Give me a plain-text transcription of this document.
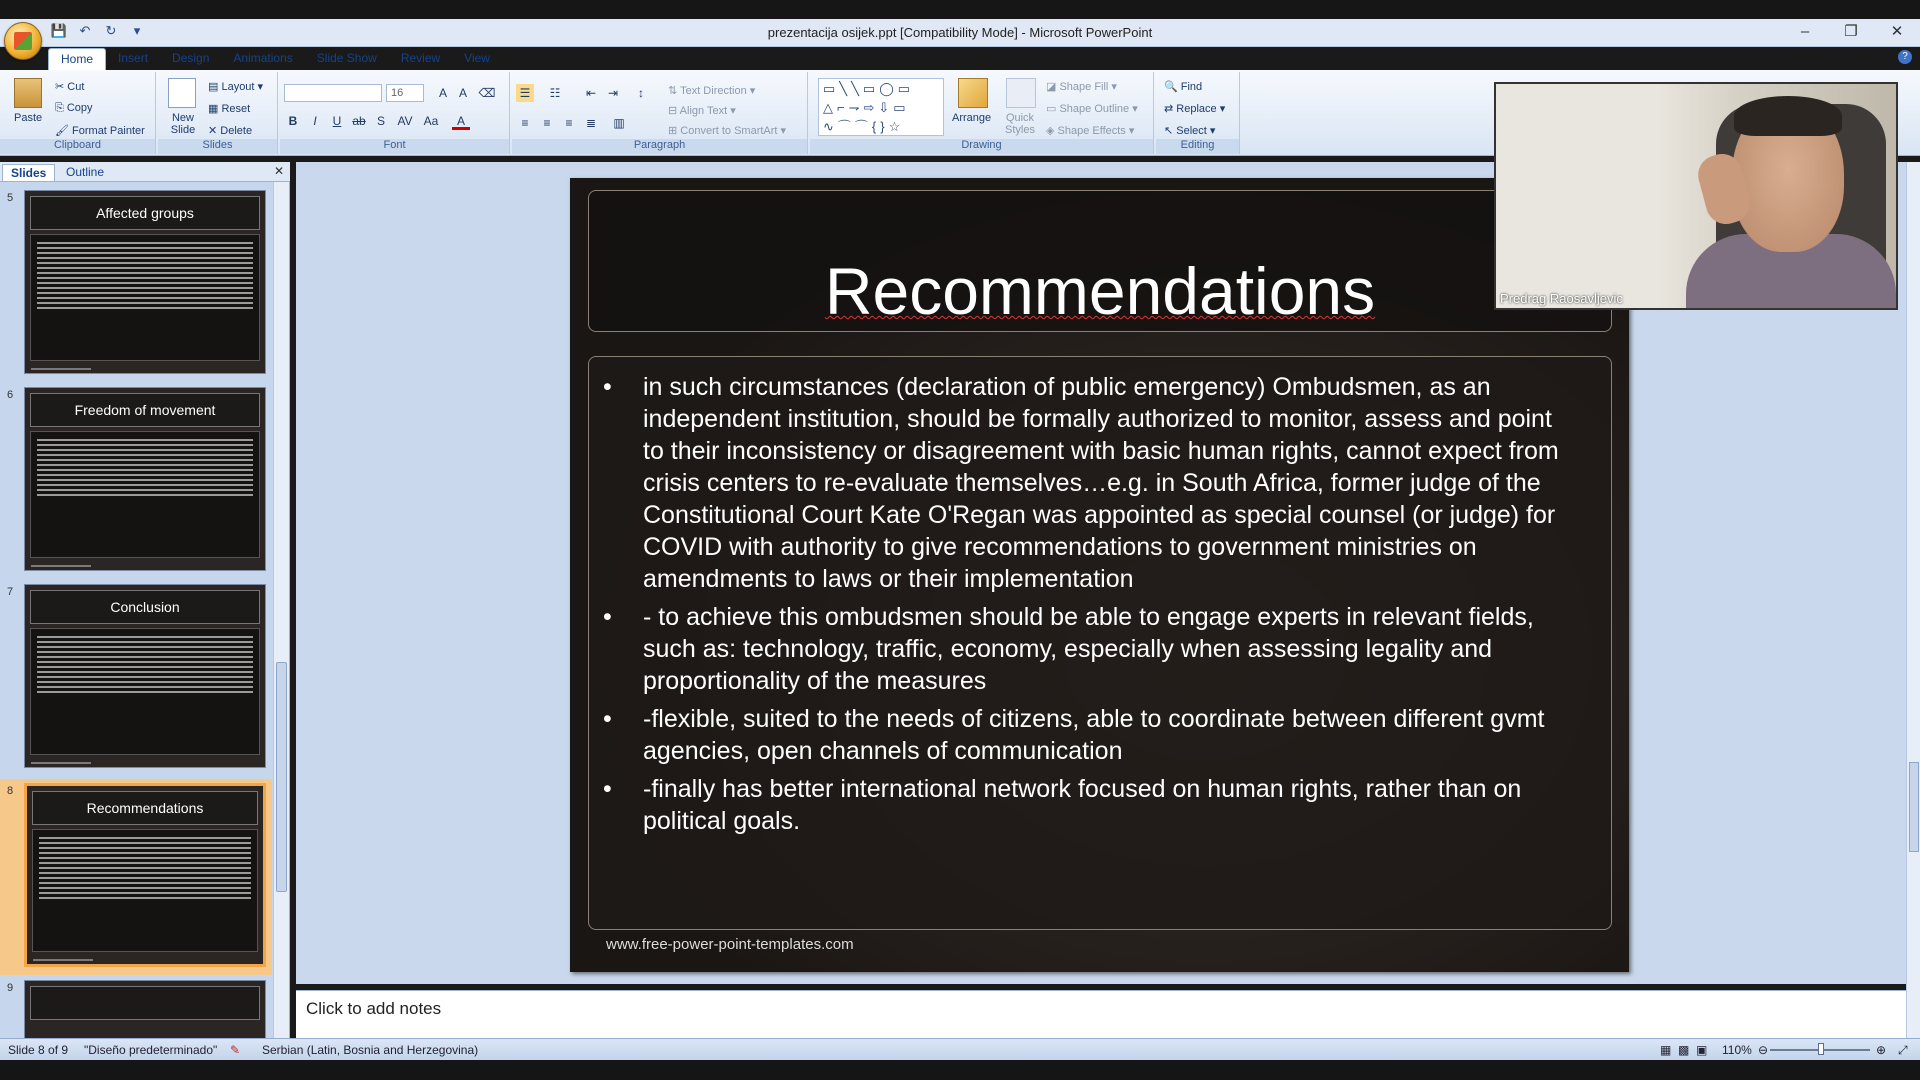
prezentacija osijek.ppt [Compatibility Mode] - Microsoft PowerPoint
💾 ↶ ↻	▾	–	❐	✕
Home	Insert	Design	Animations	Slide Show	Review	View	?
Paste
✂ Cut
⎘ Copy
🖌 Format Painter
Clipboard
New Slide
▤ Layout ▾
▦ Reset
✕ Delete
Slides
16	A A ⌫
B	I	U ab S	AV Aa	A
Font
☰	☷	⇤ ⇥	↕	⇅ Text Direction ▾
⊟ Align Text ▾
⊞ Convert to SmartArt ▾
≡	≡	≡	≣	▥
Paragraph
Arrange	Quick Styles
◪ Shape Fill ▾
▭ Shape Outline ▾
◈ Shape Effects ▾
Drawing
🔍 Find
⇄ Replace ▾
↖ Select ▾
Editing
▭╲╲▭◯▭
△⌐⇁⇨⇩▭
∿⌒⌒{}☆
Slides	Outline	✕
5
Affected groups
6
Freedom of movement
7
Conclusion
8
Recommendations
9
Recommendations
• in such circumstances (declaration of public emergency) Ombudsmen, as an independent institution, should be formally authorized to monitor, assess and point to their inconsistency or disagreement with basic human rights, cannot expect from crisis centers to re-evaluate themselves…e.g. in South Africa, former judge of the Constitutional Court Kate O'Regan was appointed as special counsel (or judge) for COVID with authority to give recommendations to government ministries on amendments to laws or their implementation
• - to achieve this ombudsmen should be able to engage experts in relevant fields, such as: technology, traffic, economy, especially when assessing legality and proportionality of the measures
• -flexible, suited to the needs of citizens, able to coordinate between different gvmt agencies, open channels of communication
• -finally has better international network focused on human rights, rather than on political goals.
www.free-power-point-templates.com
Predrag Raosavljevic
Click to add notes
Slide 8 of 9 "Diseño predeterminado" ✎ Serbian (Latin, Bosnia and Herzegovina)	▦ ▩ ▣ 110% ⊖	⊕ ⤢
